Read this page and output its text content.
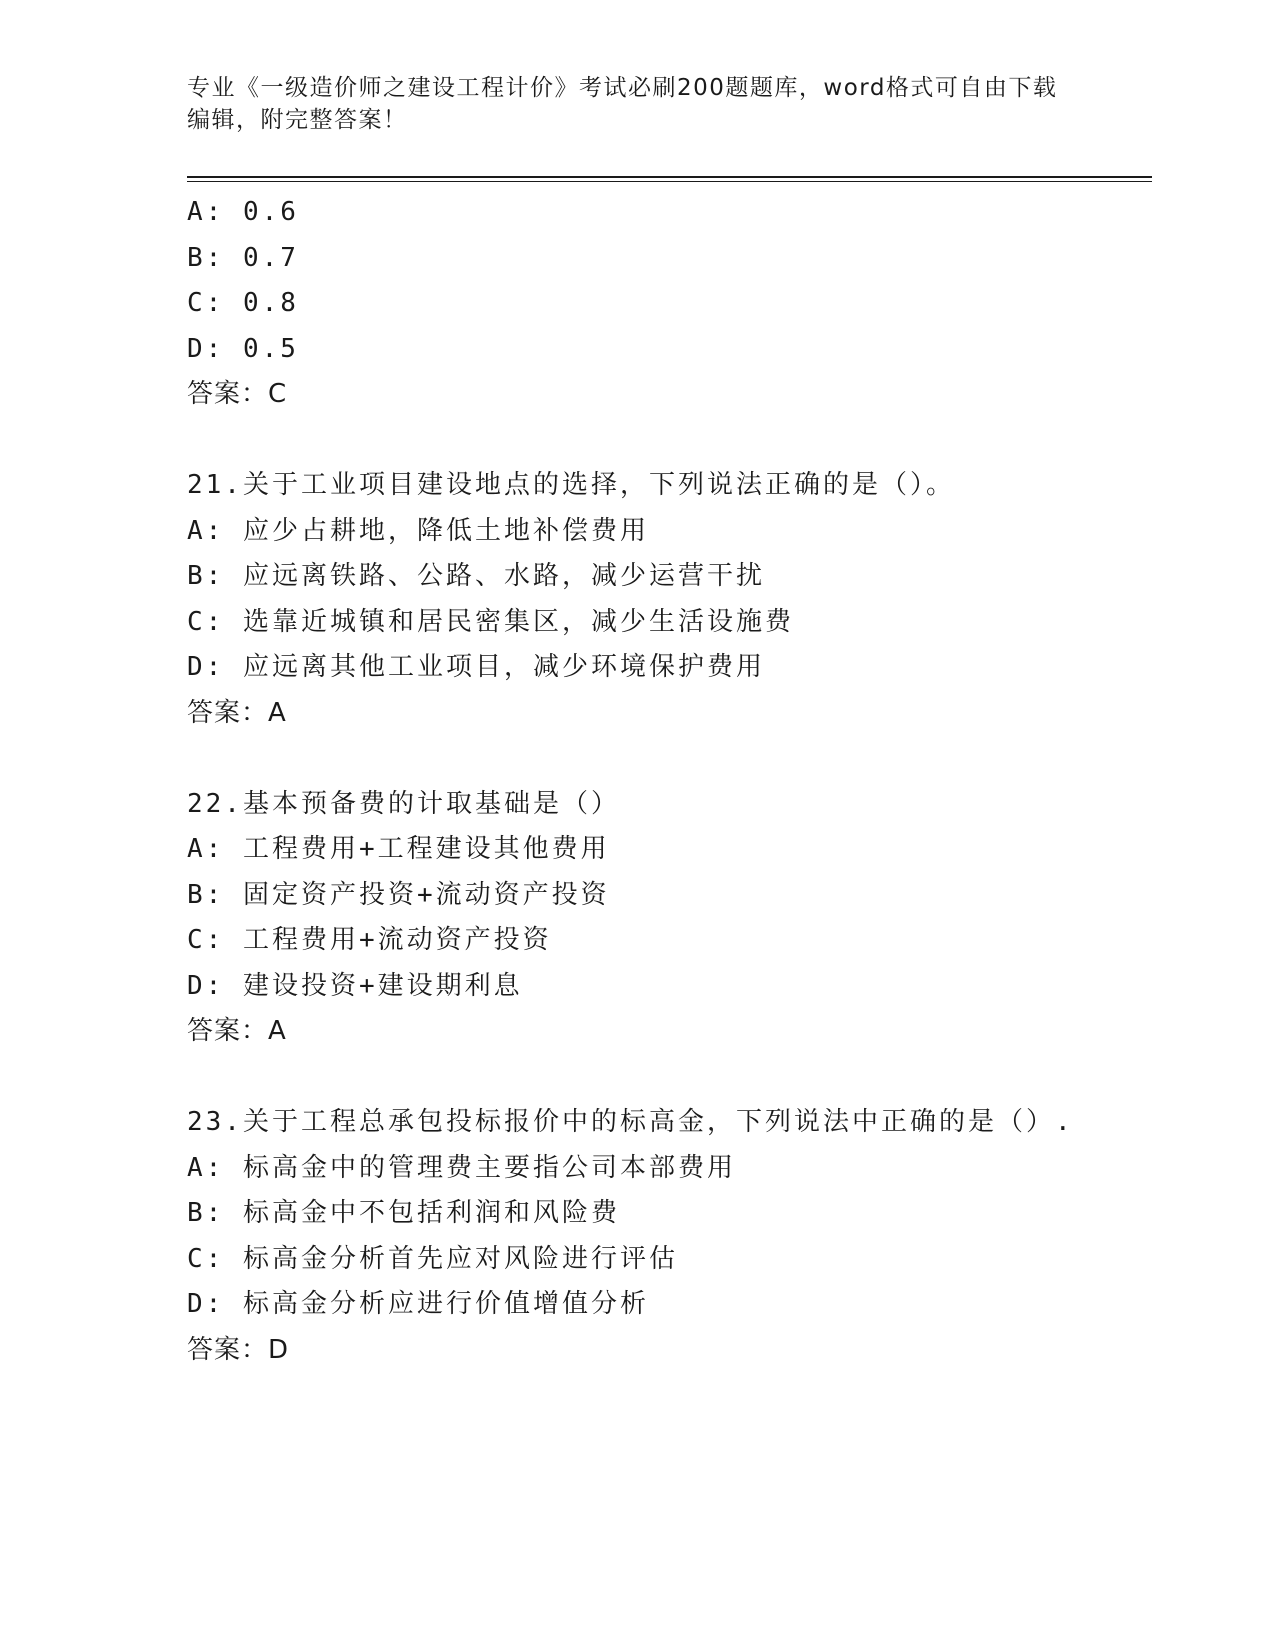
专业《一级造价师之建设工程计价》考试必刷200题题库，word格式可自由下载
编辑，附完整答案！
A: 0.6
B: 0.7
C: 0.8
D: 0.5
答案：C
21.关于工业项目建设地点的选择，下列说法正确的是（）。
A: 应少占耕地，降低土地补偿费用
B: 应远离铁路、公路、水路，减少运营干扰
C: 选靠近城镇和居民密集区，减少生活设施费
D: 应远离其他工业项目，减少环境保护费用
答案：A
22.基本预备费的计取基础是（）
A: 工程费用+工程建设其他费用
B: 固定资产投资+流动资产投资
C: 工程费用+流动资产投资
D: 建设投资+建设期利息
答案：A
23.关于工程总承包投标报价中的标高金，下列说法中正确的是（）.
A: 标高金中的管理费主要指公司本部费用
B: 标高金中不包括利润和风险费
C: 标高金分析首先应对风险进行评估
D: 标高金分析应进行价值增值分析
答案：D
